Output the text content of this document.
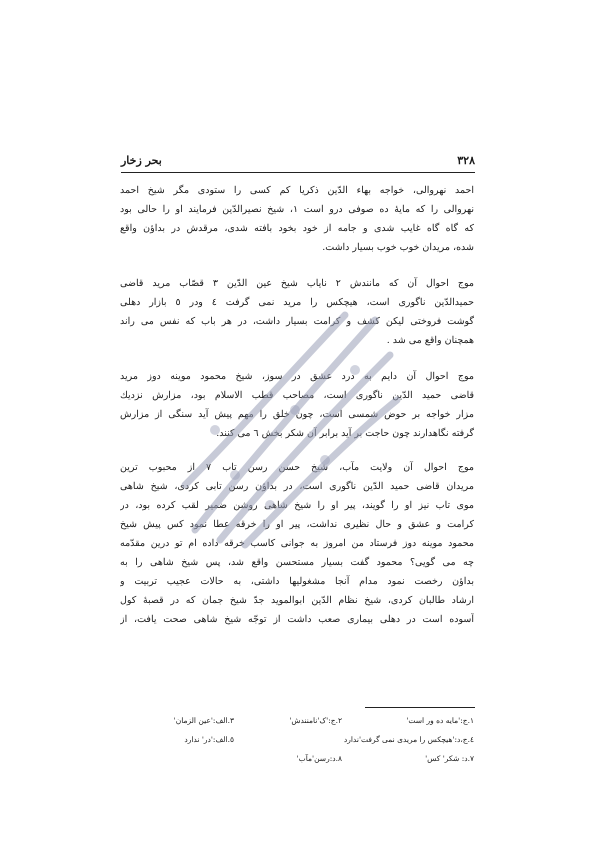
۳۲۸
بحر زخار
احمد نهروالی، خواجه بهاء الدّین ذکریا کم کسی را ستودی مگر شیخ احمد
نهروالی را که مایهٔ ده صوفی درو است ۱، شیخ نصیرالدّین فرمایند او را حالی بود
که گاه گاه غایب شدی و جامه از خود بخود بافته شدی، مرقدش در بداؤن واقع
شده، مریدان خوب خوب بسیار داشت.
موج احوال آن که مانندش ۲ نایاب شیخ عین الدّین ۳ قصّاب مرید قاضی
حمیدالدّین ناگوری است، هیچکس را مرید نمی گرفت ٤ ودر ٥ بازار دهلی
گوشت فروختی لیکن کشف و کرامت بسیار داشت، در هر باب که نفس می راند
همچنان واقع می شد .
موج احوال آن دایم به درد عشق در سوز، شیخ محمود موینه دوز مرید
قاضی حمید الدّین ناگوری است، مصاحب قطب الاسلام بود، مزارش نزدیك
مزار خواجه بر حوض شمسی است، چون خلق را مهم پیش آید سنگی از مزارش
گرفته نگاهدارند چون حاجت بر آید برابر آن شکر بخش ٦ می کنند.
موج احوال آن ولایت مآب، شیخ حسن رسن تاب ۷ از محبوب ترین
مریدان قاضی حمید الدّین ناگوری است، در بداؤن رسن تابی کردی، شیخ شاهی
موی تاب نیز او را گویند، پیر او را شیخ شاهی روشن ضمیر لقب کرده بود، در
کرامت و عشق و حال نظیری نداشت، پیر او را خرقه عطا نمود کس پیش شیخ
محمود موینه دوز فرستاد من امروز به جوانی کاسب خرقه داده ام تو درین مقدّمه
چه می گویی؟ محمود گفت بسیار مستحسن واقع شد، پس شیخ شاهی را به
بداؤن رخصت نمود مدام آنجا مشغولیها داشتی، به حالات عجیب تربیت و
ارشاد طالبان کردی، شیخ نظام الدّین ابوالموید جدّ شیخ جمان که در قصبهٔ کول
آسوده است در دهلی بیماری صعب داشت از توجّه شیخ شاهی صحت یافت، از
۱.ج:'مایه ده ور است'
۲.ج:'ک'نامنندش'
۳.الف:'عین الزمان'
٤.ج،د:'هیچکس را مریدی نمی گرفت'ندارد
٥.الف:'در' ندارد
۷.د: شکر' کس'
۸.د:رسن'مآب'
